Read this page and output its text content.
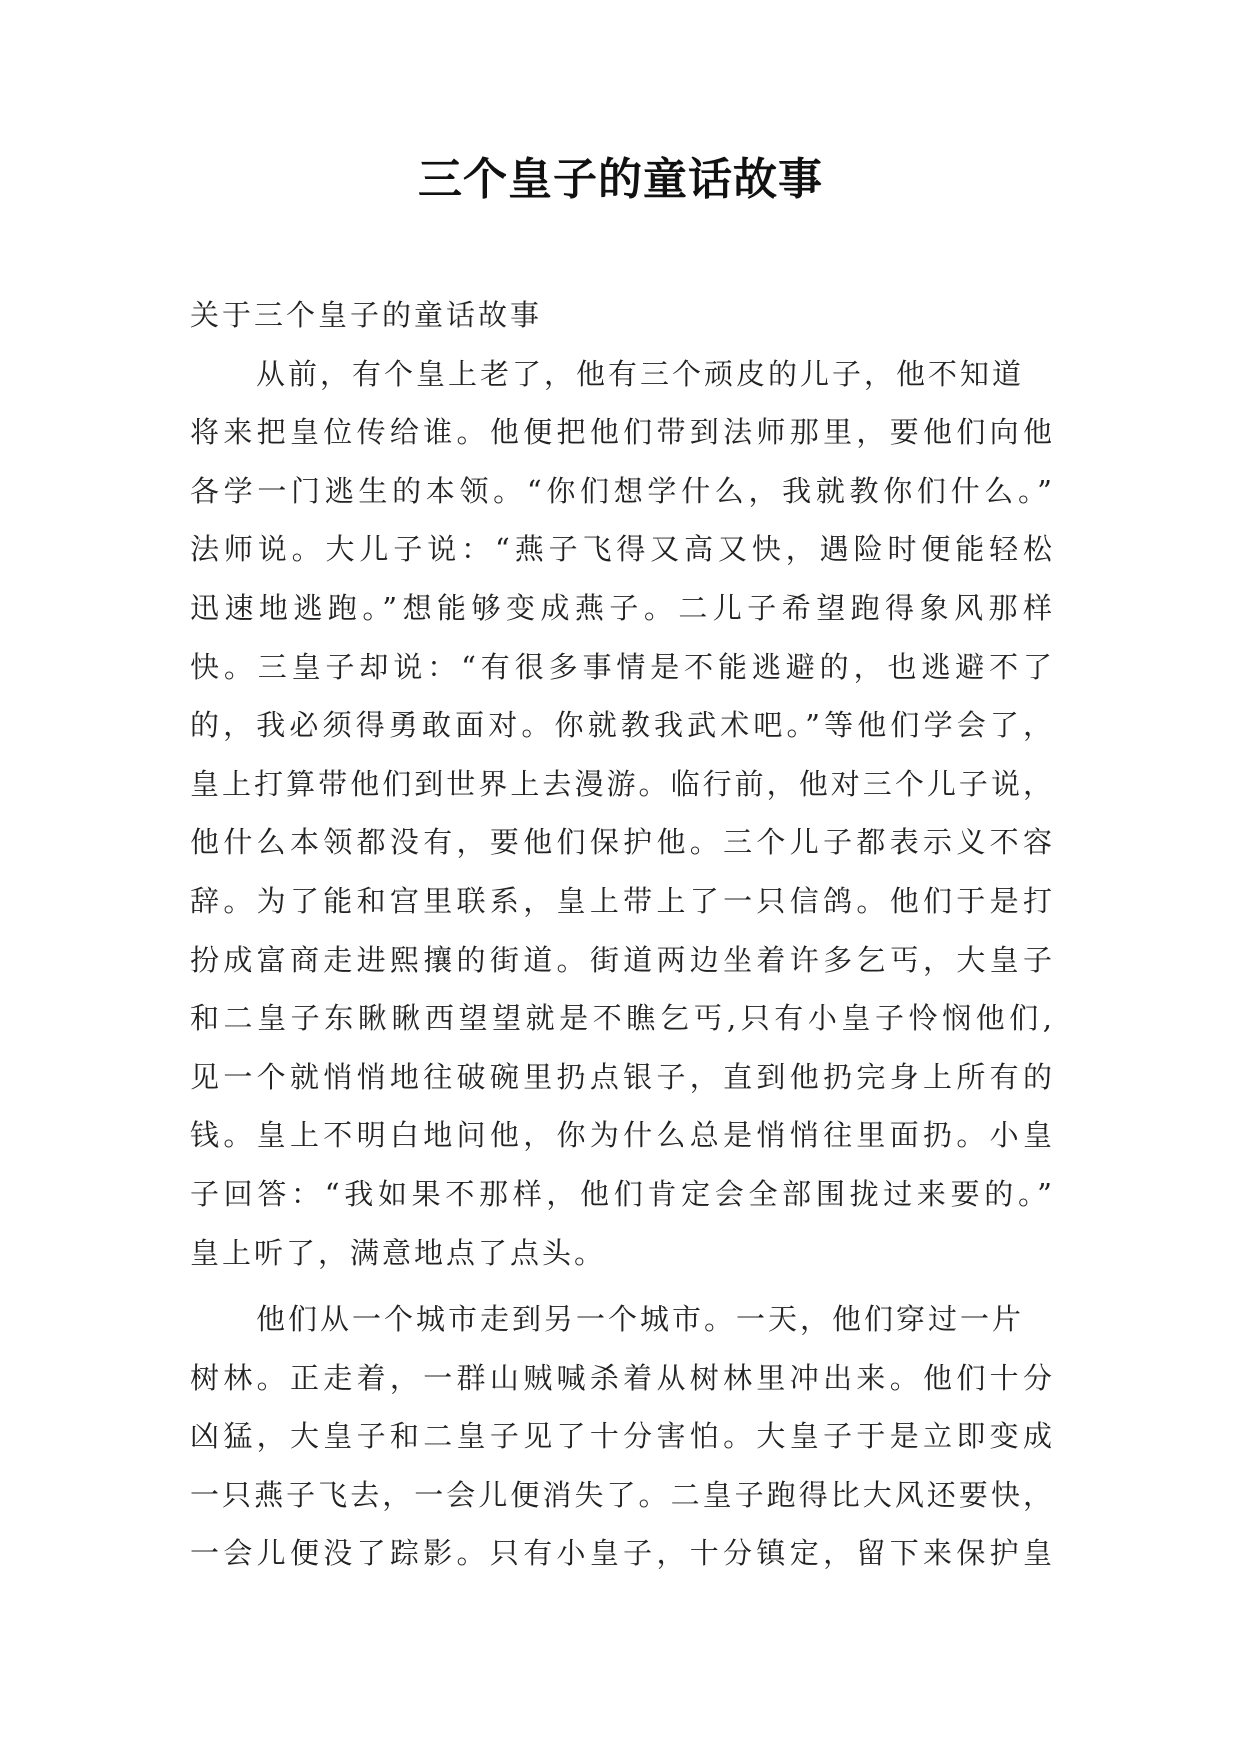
三个皇子的童话故事
关于三个皇子的童话故事
从前，有个皇上老了，他有三个顽皮的儿子，他不知道
将来把皇位传给谁。他便把他们带到法师那里，要他们向他
各学一门逃生的本领。“你们想学什么，我就教你们什么。”
法师说。大儿子说：“燕子飞得又高又快，遇险时便能轻松
迅速地逃跑。”想能够变成燕子。二儿子希望跑得象风那样
快。三皇子却说：“有很多事情是不能逃避的，也逃避不了
的，我必须得勇敢面对。你就教我武术吧。”等他们学会了，
皇上打算带他们到世界上去漫游。临行前，他对三个儿子说，
他什么本领都没有，要他们保护他。三个儿子都表示义不容
辞。为了能和宫里联系，皇上带上了一只信鸽。他们于是打
扮成富商走进熙攘的街道。街道两边坐着许多乞丐，大皇子
和二皇子东瞅瞅西望望就是不瞧乞丐,只有小皇子怜悯他们,
见一个就悄悄地往破碗里扔点银子，直到他扔完身上所有的
钱。皇上不明白地问他，你为什么总是悄悄往里面扔。小皇
子回答：“我如果不那样，他们肯定会全部围拢过来要的。”
皇上听了，满意地点了点头。
他们从一个城市走到另一个城市。一天，他们穿过一片
树林。正走着，一群山贼喊杀着从树林里冲出来。他们十分
凶猛，大皇子和二皇子见了十分害怕。大皇子于是立即变成
一只燕子飞去，一会儿便消失了。二皇子跑得比大风还要快，
一会儿便没了踪影。只有小皇子，十分镇定，留下来保护皇
